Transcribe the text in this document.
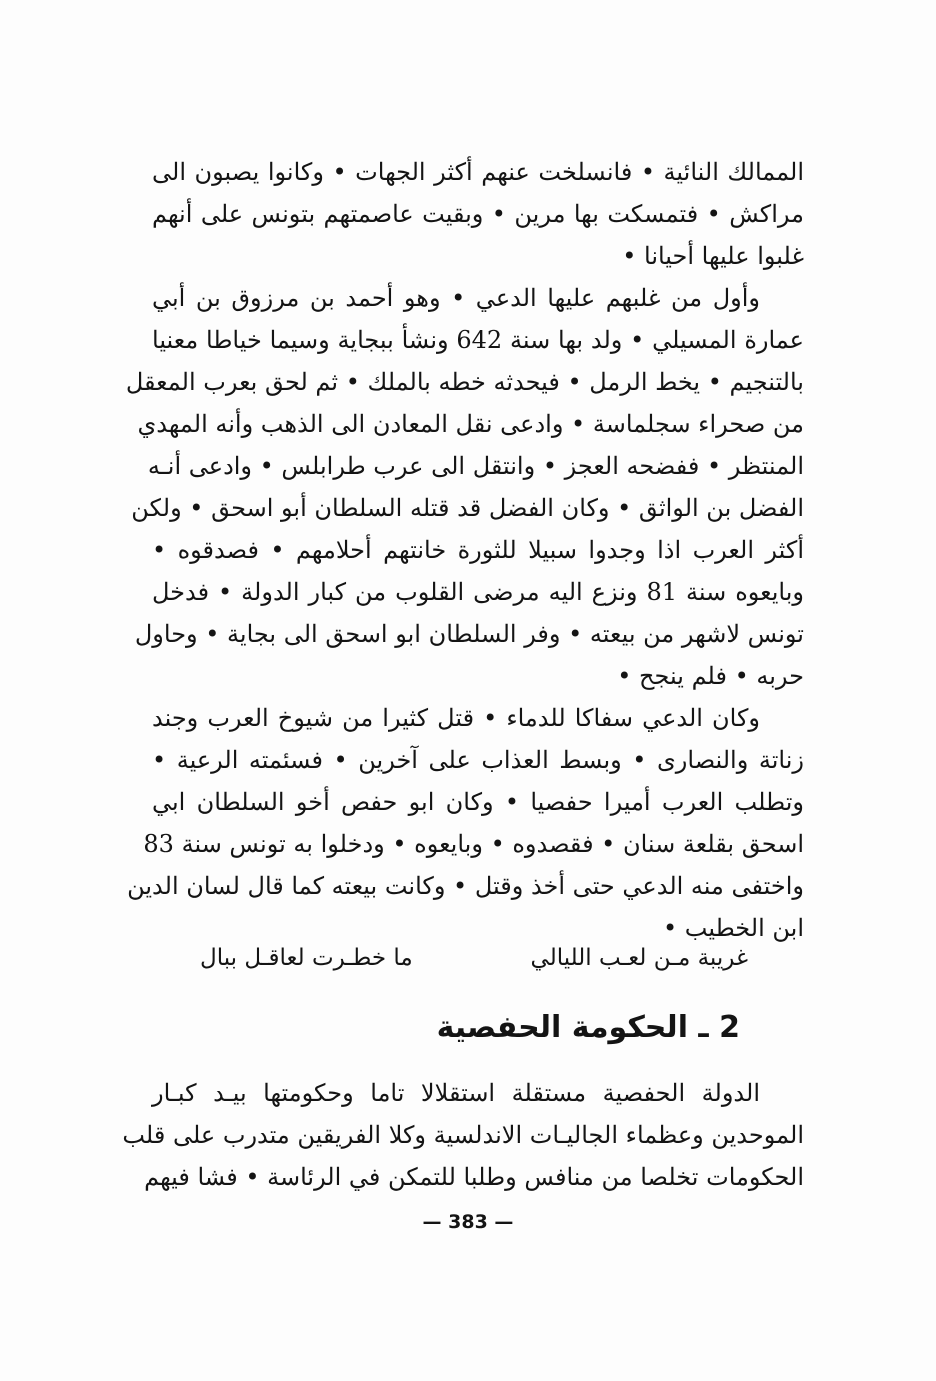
الممالك النائية • فانسلخت عنهم أكثر الجهات • وكانوا يصبون الى
مراكش • فتمسكت بها مرين • وبقيت عاصمتهم بتونس على أنهم
غلبوا عليها أحيانا •
وأول من غلبهم عليها الدعي • وهو أحمد بن مرزوق بن أبي
عمارة المسيلي • ولد بها سنة 642 ونشأ ببجاية وسيما خياطا معنيا
بالتنجيم • يخط الرمل • فيحدثه خطه بالملك • ثم لحق بعرب المعقل
من صحراء سجلماسة • وادعى نقل المعادن الى الذهب وأنه المهدي
المنتظر • ففضحه العجز • وانتقل الى عرب طرابلس • وادعى أنـه
الفضل بن الواثق • وكان الفضل قد قتله السلطان أبو اسحق • ولكن
أكثر العرب اذا وجدوا سبيلا للثورة خانتهم أحلامهم • فصدقوه •
وبايعوه سنة 81 ونزع اليه مرضى القلوب من كبار الدولة • فدخل
تونس لاشهر من بيعته • وفر السلطان ابو اسحق الى بجاية • وحاول
حربه • فلم ينجح •
وكان الدعي سفاكا للدماء • قتل كثيرا من شيوخ العرب وجند
زناتة والنصارى • وبسط العذاب على آخرين • فسئمته الرعية •
وتطلب العرب أميرا حفصيا • وكان ابو حفص أخو السلطان ابي
اسحق بقلعة سنان • فقصدوه • وبايعوه • ودخلوا به تونس سنة 83
واختفى منه الدعي حتى أخذ وقتل • وكانت بيعته كما قال لسان الدين
ابن الخطيب •
غريبة مـن لعـب الليالي
ما خطـرت لعاقـل ببال
2 ـ الحكومة الحفصية
الدولة الحفصية مستقلة استقلالا تاما وحكومتها بيـد كبـار
الموحدين وعظماء الجاليـات الاندلسية وكلا الفريقين متدرب على قلب
الحكومات تخلصا من منافس وطلبا للتمكن في الرئاسة • فشا فيهم
— 383 —
